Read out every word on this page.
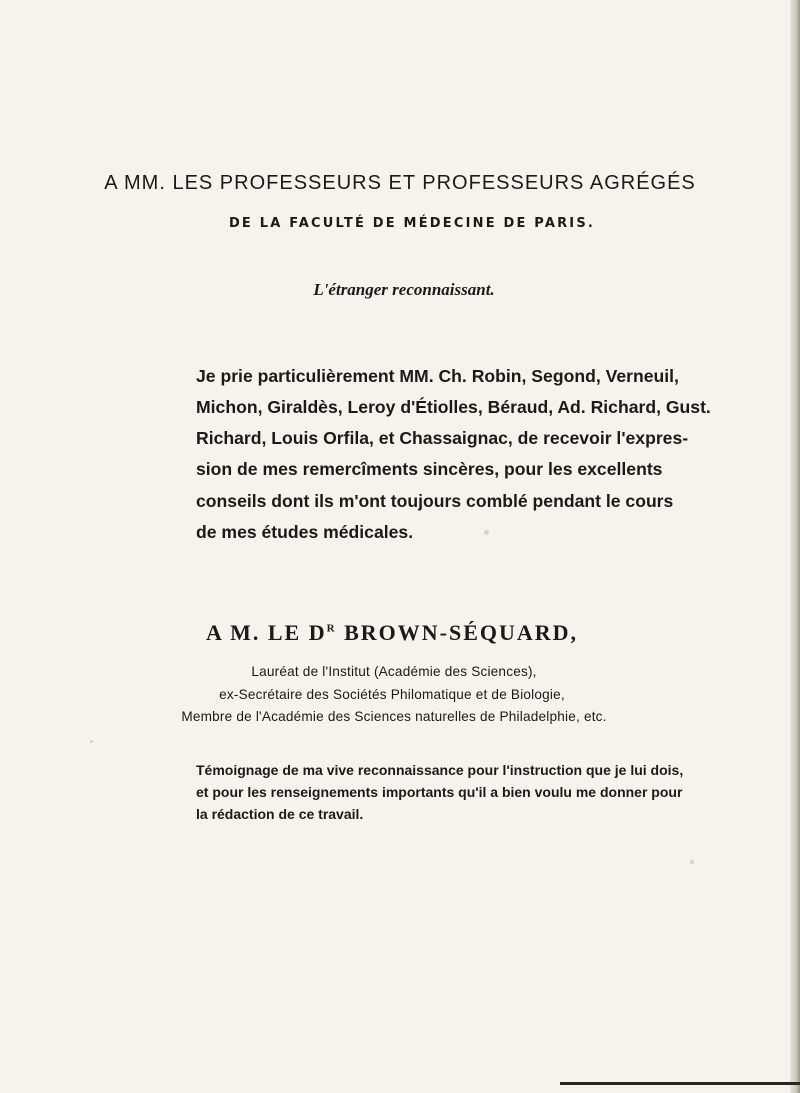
A MM. LES PROFESSEURS ET PROFESSEURS AGRÉGÉS
DE LA FACULTÉ DE MÉDECINE DE PARIS.
L'étranger reconnaissant.
Je prie particulièrement MM. Ch. Robin, Segond, Verneuil,
Michon, Giraldès, Leroy d'Étiolles, Béraud, Ad. Richard, Gust.
Richard, Louis Orfila, et Chassaignac, de recevoir l'expres-
sion de mes remercîments sincères, pour les excellents
conseils dont ils m'ont toujours comblé pendant le cours
de mes études médicales.
A M. LE $D^R$ BROWN-SÉQUARD,
Lauréat de l'Institut (Académie des Sciences),
ex-Secrétaire des Sociétés Philomatique et de Biologie,
Membre de l'Académie des Sciences naturelles de Philadelphie, etc.
Témoignage de ma vive reconnaissance pour l'instruction que je lui dois,
et pour les renseignements importants qu'il a bien voulu me donner pour
la rédaction de ce travail.
